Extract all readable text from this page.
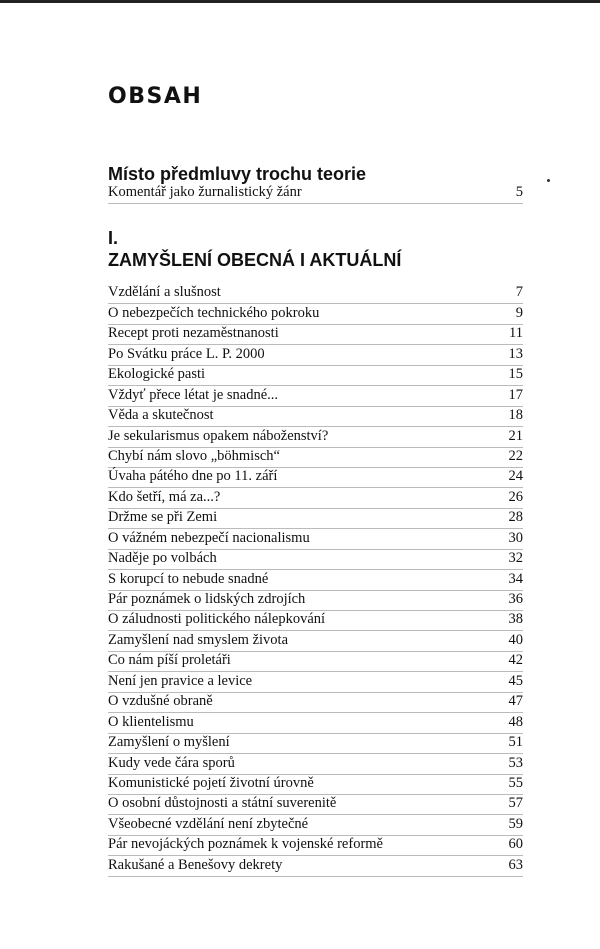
OBSAH
Místo předmluvy trochu teorie
Komentář jako žurnalistický žánr	5
I.
ZAMYŠLENÍ OBECNÁ I AKTUÁLNÍ
Vzdělání a slušnost	7
O nebezpečích technického pokroku	9
Recept proti nezaměstnanosti	11
Po Svátku práce L. P. 2000	13
Ekologické pasti	15
Vždyť přece létat je snadné...	17
Věda a skutečnost	18
Je sekularismus opakem náboženství?	21
Chybí nám slovo „böhmisch“	22
Úvaha pátého dne po 11. září	24
Kdo šetří, má za...?	26
Držme se při Zemi	28
O vážném nebezpečí nacionalismu	30
Naděje po volbách	32
S korupcí to nebude snadné	34
Pár poznámek o lidských zdrojích	36
O záludnosti politického nálepkování	38
Zamyšlení nad smyslem života	40
Co nám píší proletáři	42
Není jen pravice a levice	45
O vzdušné obraně	47
O klientelismu	48
Zamyšlení o myšlení	51
Kudy vede čára sporů	53
Komunistické pojetí životní úrovně	55
O osobní důstojnosti a státní suverenitě	57
Všeobecné vzdělání není zbytečné	59
Pár nevojáckých poznámek k vojenské reformě	60
Rakušané a Benešovy dekrety	63
